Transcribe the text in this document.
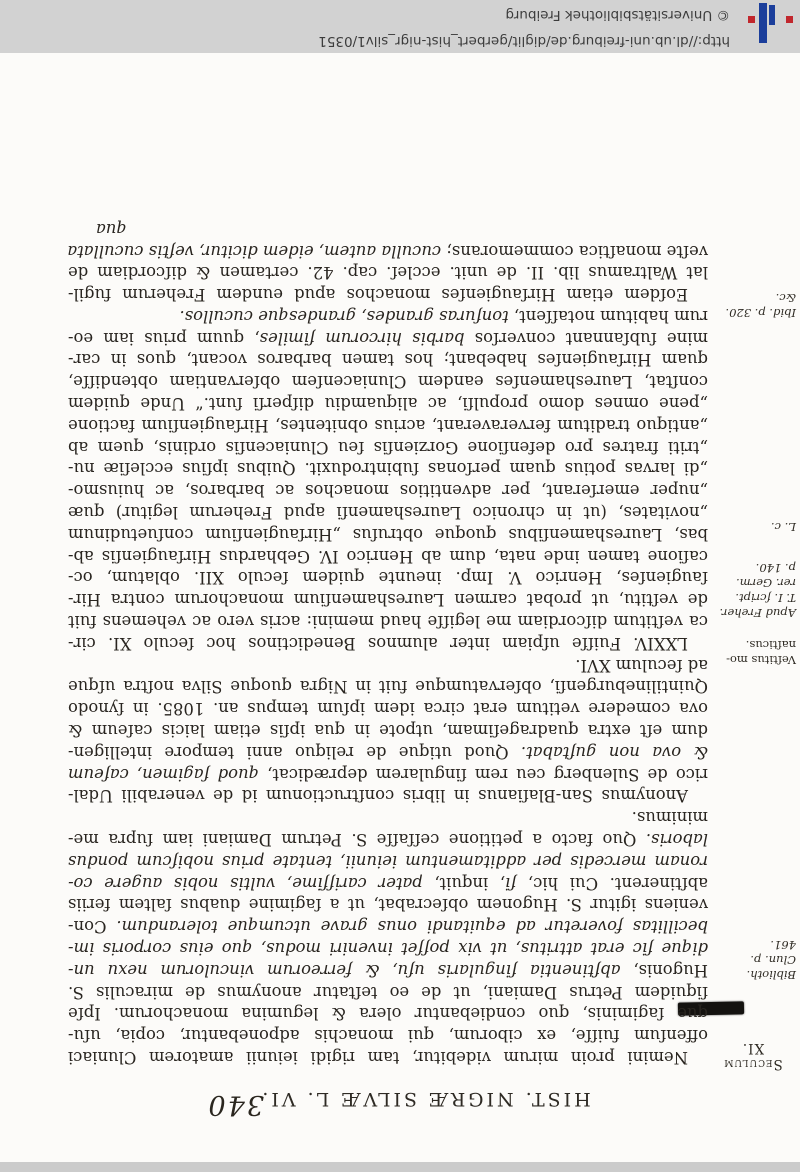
HIST. NIGRÆ SILVÆ L. VI.
340
Seculum
XI.
Biblioth.
Clun. p.
461.
Veſtitus mo-
naſticus.
Apud Freher.
T. I. ſcript.
rer. Germ.
p. 140.
L. c.
Ibid. p. 320.
&c.
Nemini proin mirum videbitur, tam rigidi ieiunii amatorem Cluniaci
offenſum fuiſſe, ex ciborum, qui monachis adponebantur, copia, uſu-
que ſagiminis, quo condiebantur olera & legumina monachorum. Ipſe
ſiquidem Petrus Damiani, ut de eo teſtatur anonymus de miraculis S.
Hugonis, abſtinentia ſingularis uſu, & ferreorum vinculorum nexu un-
dique ſic erat attritus, ut vix poſſet inveniri modus, quo eius corporis im-
becillitas foveretur ad equitandi onus grave utcumque tolerandum. Con-
veniens igitur S. Hugonem obſecrabat, ut a ſagimine duabus ſaltem feriis
abſtinerent. Cui hic, ſi, inquit, pater cariſſime, vultis nobis augere co-
ronam mercedis per additamentum ieiunii, tentate prius nobiſcum pondus
laboris. Quo facto a petitione ceſſaſſe S. Petrum Damiani iam ſupra me-
minimus.
Anonymus San-Blaſianus in libris conſtructionum id de venerabili Udal-
rico de Sulenberg ceu rem ſingularem deprædicat, quod ſagimen, caſeum
& ova non guſtabat. Quod utique de reliquo anni tempore intelligen-
dum eſt extra quadrageſimam, utpote in qua ipſis etiam laicis caſeum &
ova comedere vetitum erat circa idem ipſum tempus an. 1085. in ſynodo
Quintilineburgenſi, obſervatumque fuit in Nigra quoque Silva noſtra uſque
ad ſeculum XVI.
LXXIV. Fuiſſe uſpiam inter alumnos Benedictinos hoc ſeculo XI. cir-
ca veſtitum diſcordiam me legiſſe haud memini: acris vero ac vehemens fuit
de veſtitu, ut probat carmen Laureshamenſium monachorum contra Hir-
ſaugienſes, Henrico V. Imp. ineunte quidem ſeculo XII. oblatum, oc-
caſione tamen inde nata, dum ab Henrico IV. Gebhardus Hirſaugienſis ab-
bas, Laureshamenſibus quoque obtruſus „Hirſaugienſium conſuetudinum
„novitates, (ut in chronico Laureshamenſi apud Freherum legitur) quæ
„nuper emerſerant, per adventitios monachos ac barbaros, ac huiusmo-
„di larvas potius quam perſonas ſubintroduxit. Quibus ipſius eccleſiæ nu-
„triti fratres pro defenſione Gorzienſis ſeu Cluniacenſis ordinis, quem ab
„antiquo traditum ferveraverant, acrius obnitentes, Hirſaugienſium factione
„pene omnes domo propulſi, ac aliquamdiu diſperſi ſunt.“ Unde quidem
conſtat, Laureshamenſes eandem Cluniacenſem obſervantiam obtendiſſe,
quam Hirſaugienſes habebant; hos tamen barbaros vocant, quos in car-
mine ſubſannant converſos barbis hircorum ſimiles, quum prius iam eo-
rum habitum notaſſent, tonſuras grandes, grandesque cucullos.
Eoſdem etiam Hirſaugienſes monachos apud eundem Freherum fugil-
lat Waltramus lib. II. de unit. eccleſ. cap. 42. certamen & diſcordiam de
veſte monaſtica commemorans; cuculla autem, eidem dicitur, veſtis cucullata
qua
http://dl.ub.uni-freiburg.de/diglit/gerbert_hist-nigr_silv1/0351
© Universitätsbibliothek Freiburg
